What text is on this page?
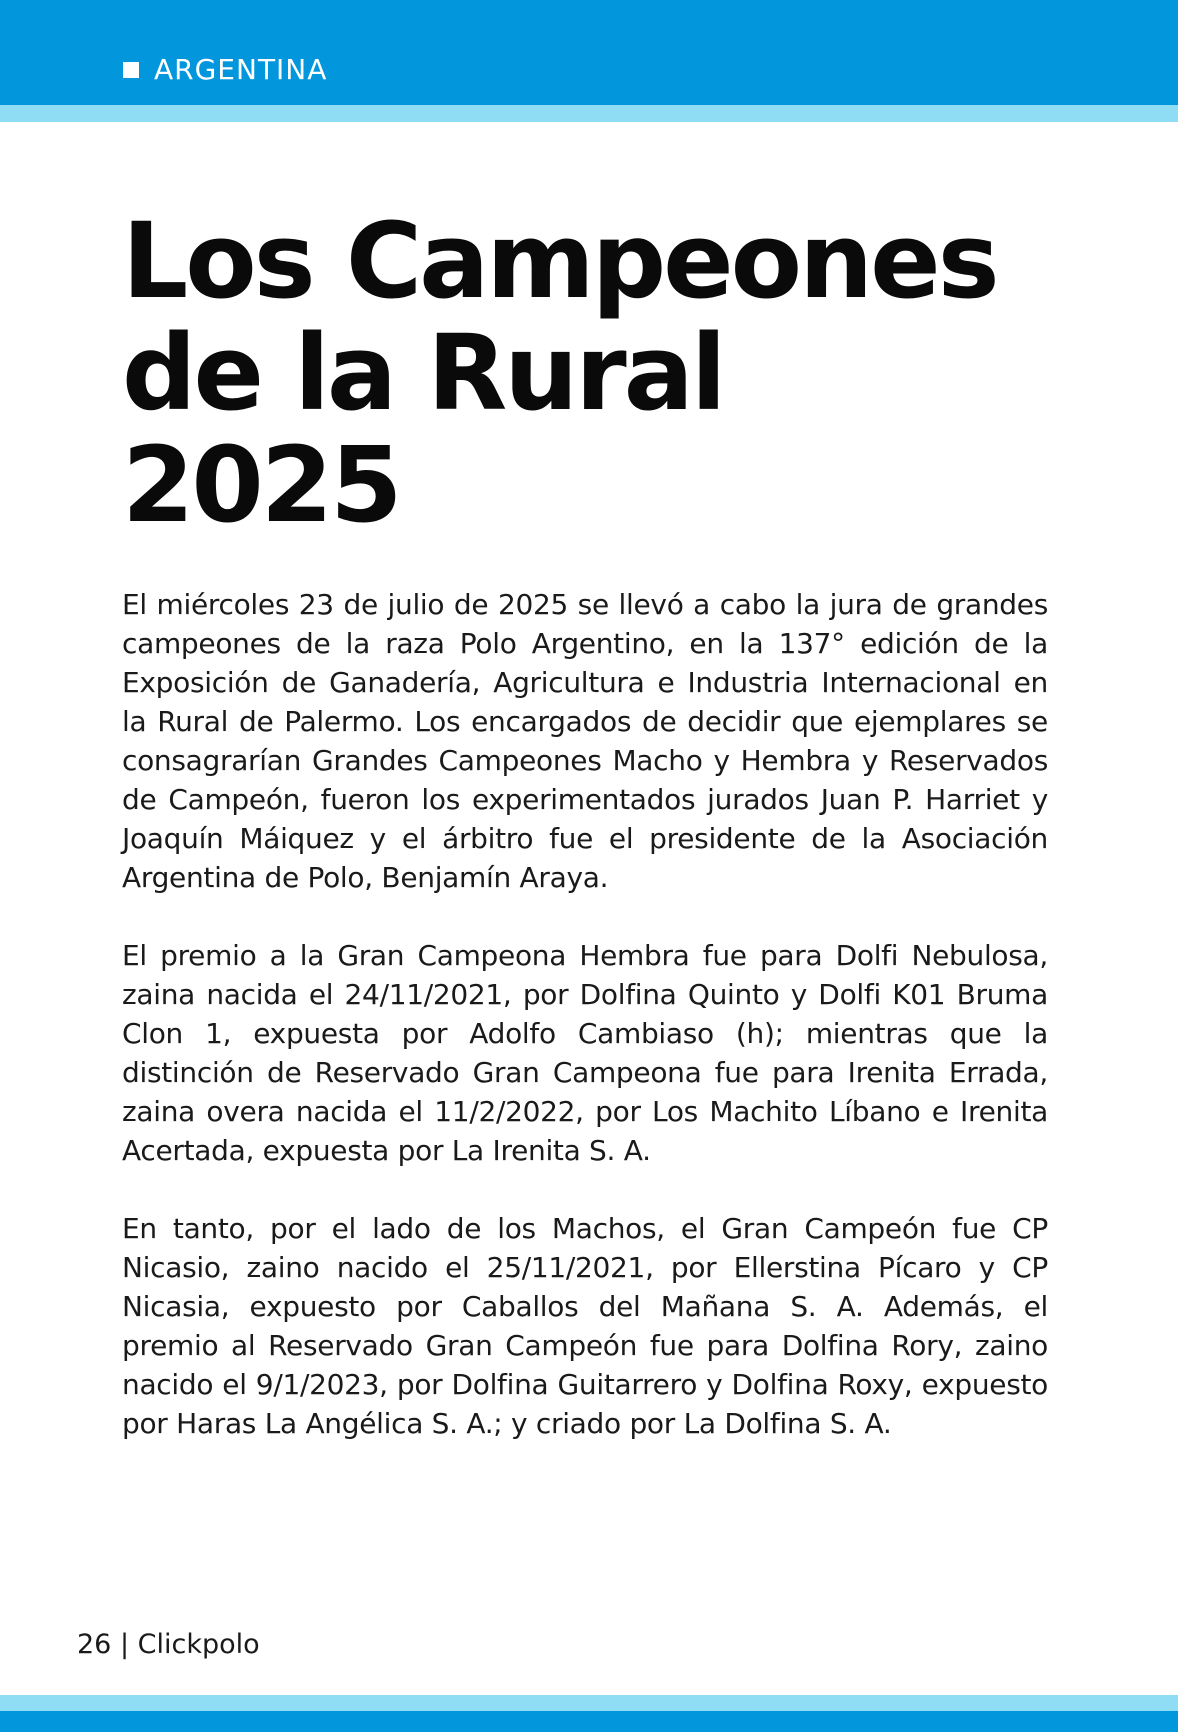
ARGENTINA
Los Campeones
de la Rural
2025

El miércoles 23 de julio de 2025 se llevó a cabo la jura de grandes campeones de la raza Polo Argentino, en la 137° edición de la Exposición de Ganadería, Agricultura e Industria Internacional en la Rural de Palermo. Los encargados de decidir que ejemplares se consagrarían Grandes Campeones Macho y Hembra y Reservados de Campeón, fueron los experimentados jurados Juan P. Harriet y Joaquín Máiquez y el árbitro fue el presidente de la Asociación Argentina de Polo, Benjamín Araya.

El premio a la Gran Campeona Hembra fue para Dolfi Nebulosa, zaina nacida el 24/11/2021, por Dolfina Quinto y Dolfi K01 Bruma Clon 1, expuesta por Adolfo Cambiaso (h); mientras que la distinción de Reservado Gran Campeona fue para Irenita Errada, zaina overa nacida el 11/2/2022, por Los Machito Líbano e Irenita Acertada, expuesta por La Irenita S. A.

En tanto, por el lado de los Machos, el Gran Campeón fue CP Nicasio, zaino nacido el 25/11/2021, por Ellerstina Pícaro y CP Nicasia, expuesto por Caballos del Mañana S. A. Además, el premio al Reservado Gran Campeón fue para Dolfina Rory, zaino nacido el 9/1/2023, por Dolfina Guitarrero y Dolfina Roxy, expuesto por Haras La Angélica S. A.; y criado por La Dolfina S. A.

26 | Clickpolo
